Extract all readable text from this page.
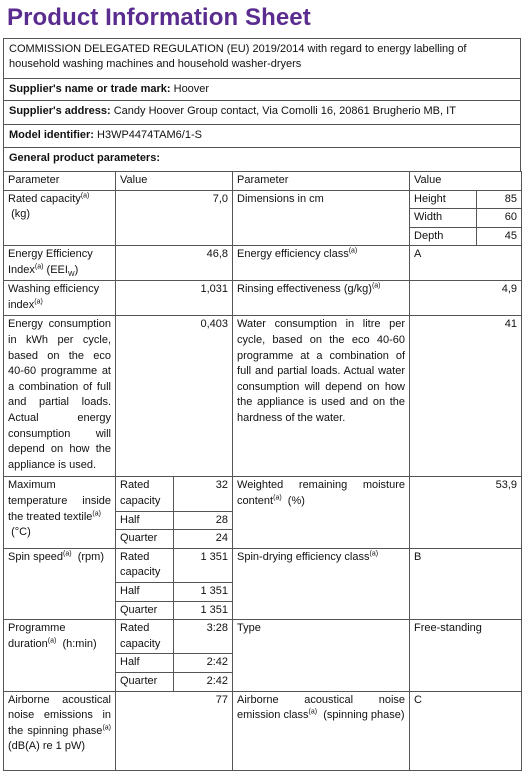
Product Information Sheet
COMMISSION DELEGATED REGULATION (EU) 2019/2014 with regard to energy labelling of household washing machines and household washer-dryers
Supplier's name or trade mark: Hoover
Supplier's address: Candy Hoover Group contact, Via Comolli 16, 20861 Brugherio MB, IT
Model identifier: H3WP4474TAM6/1-S
General product parameters:
Parameter	Value		Parameter	Value	
Rated capacity$^{(a)}$
(kg)	7,0		Dimensions in cm	Height	85
				Width	60
				Depth	45

Energy Efficiency
Index$^{(a)}$ $(EEI_W)$	46,8		Energy efficiency class$^{(a)}$	A	
Washing efficiency
index$^{(a)}$	1,031		Rinsing effectiveness $(g/kg)^{(a)}$	4,9	
Energy consumption in kWh per cycle, based on the eco 40-60 programme at a combination of full and partial loads. Actual energy consumption will depend on how the appliance is used.	0,403		Water consumption in litre per cycle, based on the eco 40-60 programme at a combination of full and partial loads. Actual water consumption will depend on how the appliance is used and on the hardness of the water.	41	
Maximum temperature inside the treated textile$^{(a)}$
(°C)	Rated capacity	32	Weighted remaining moisture content$^{(a)}$ (%)	53,9	
	Half	28			
	Quarter	24			
Spin speed$^{(a)}$ (rpm)	Rated capacity	1 351	Spin-drying efficiency class$^{(a)}$	B	
	Half	1 351			
	Quarter	1 351			
Programme duration$^{(a)}$ (h:min)	Rated capacity	3:28	Type	Free-standing	
	Half	2:42			
	Quarter	2:42			
Airborne acoustical noise emissions in the spinning phase$^{(a)}$ (dB(A) re 1 pW)	77		Airborne acoustical noise emission class$^{(a)}$ (spinning phase)	C	
